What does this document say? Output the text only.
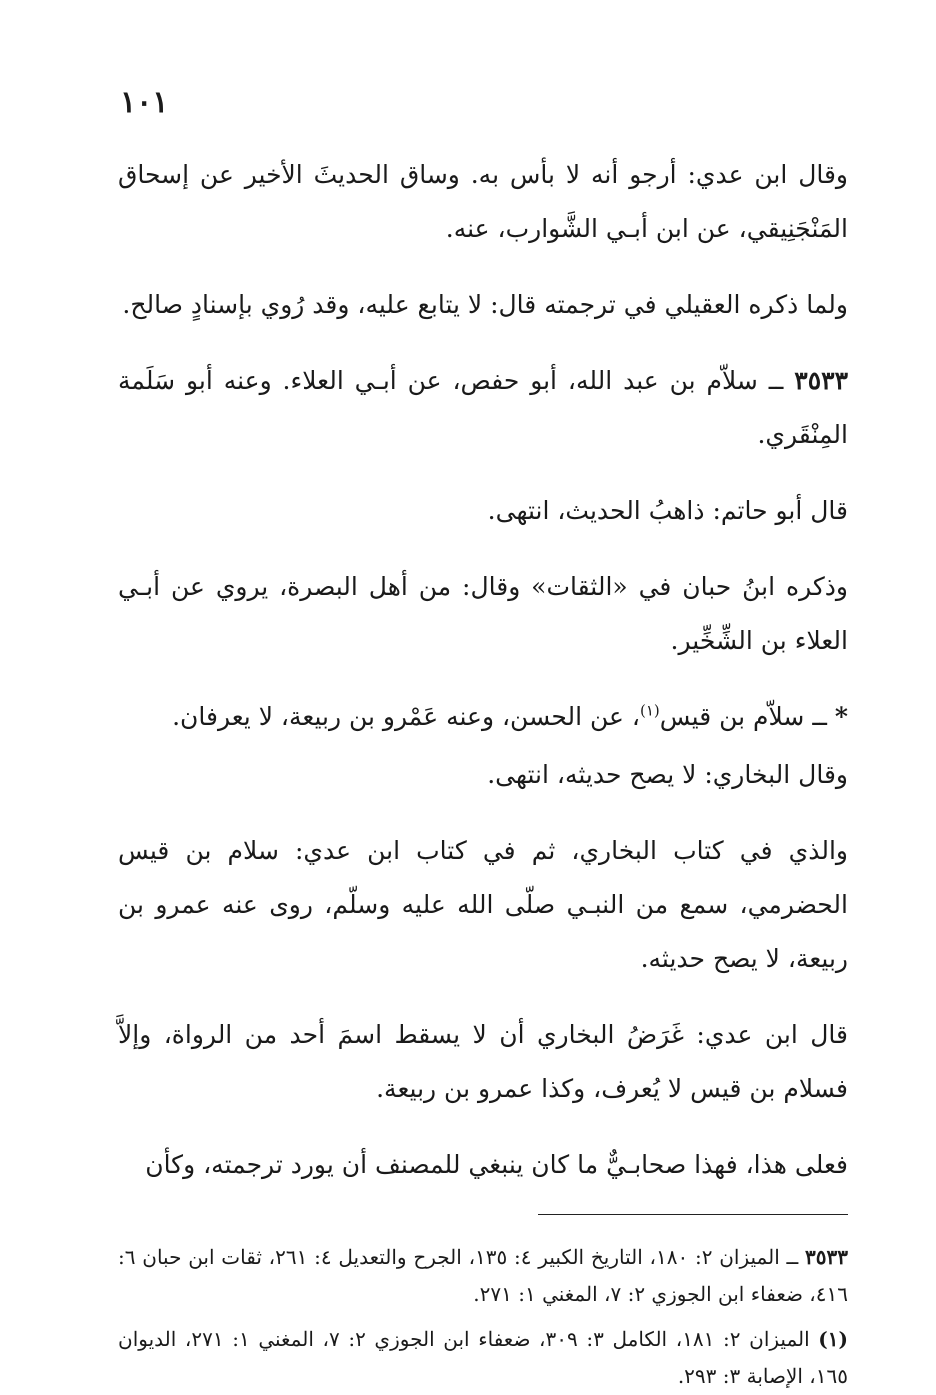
١٠١

وقال ابن عدي: أرجو أنه لا بأس به. وساق الحديثَ الأخير عن إسحاق المَنْجَنِيقي، عن ابن أبـي الشَّوارب، عنه.

ولما ذكره العقيلي في ترجمته قال: لا يتابع عليه، وقد رُوي بإسنادٍ صالح.

٣٥٣٣ ــ سلاّم بن عبد الله، أبو حفص، عن أبـي العلاء. وعنه أبو سَلَمة المِنْقَري.

قال أبو حاتم: ذاهبُ الحديث، انتهى.

وذكره ابنُ حبان في «الثقات» وقال: من أهل البصرة، يروي عن أبـي العلاء بن الشِّخِّير.

* ــ سلاّم بن قيس$^{(١)}$، عن الحسن، وعنه عَمْرو بن ربيعة، لا يعرفان.

وقال البخاري: لا يصح حديثه، انتهى.

والذي في كتاب البخاري، ثم في كتاب ابن عدي: سلام بن قيس الحضرمي، سمع من النبـي صلّى الله عليه وسلّم، روى عنه عمرو بن ربيعة، لا يصح حديثه.

قال ابن عدي: غَرَضُ البخاري أن لا يسقط اسمَ أحد من الرواة، وإلاَّ فسلام بن قيس لا يُعرف، وكذا عمرو بن ربيعة.

فعلى هذا، فهذا صحابـيٌّ ما كان ينبغي للمصنف أن يورد ترجمته، وكأن

٣٥٣٣ ــ الميزان ٢: ١٨٠، التاريخ الكبير ٤: ١٣٥، الجرح والتعديل ٤: ٢٦١، ثقات ابن حبان ٦: ٤١٦، ضعفاء ابن الجوزي ٢: ٧، المغني ١: ٢٧١.

(١) الميزان ٢: ١٨١، الكامل ٣: ٣٠٩، ضعفاء ابن الجوزي ٢: ٧، المغني ١: ٢٧١، الديوان ١٦٥، الإصابة ٣: ٢٩٣.
